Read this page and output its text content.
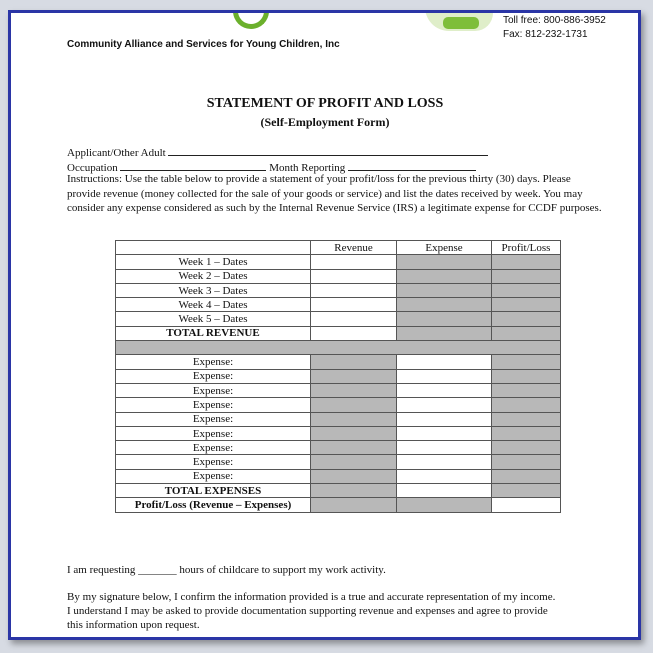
Community Alliance and Services for Young Children, Inc
Toll free: 800-886-3952
Fax: 812-232-1731
STATEMENT OF PROFIT AND LOSS
(Self-Employment Form)
Applicant/Other Adult
Occupation	Month Reporting
Instructions: Use the table below to provide a statement of your profit/loss for the previous thirty (30) days. Please provide revenue (money collected for the sale of your goods or service) and list the dates received by week. You may consider any expense considered as such by the Internal Revenue Service (IRS) a legitimate expense for CCDF purposes.
	Revenue	Expense	Profit/Loss
Week 1 – Dates			
Week 2 – Dates			
Week 3 – Dates			
Week 4 – Dates			
Week 5 – Dates			
TOTAL REVENUE			

Expense:			
Expense:			
Expense:			
Expense:			
Expense:			
Expense:			
Expense:			
Expense:			
Expense:			
TOTAL EXPENSES			
Profit/Loss (Revenue – Expenses)			
I am requesting _______ hours of childcare to support my work activity.
By my signature below, I confirm the information provided is a true and accurate representation of my income.
I understand I may be asked to provide documentation supporting revenue and expenses and agree to provide
this information upon request.
